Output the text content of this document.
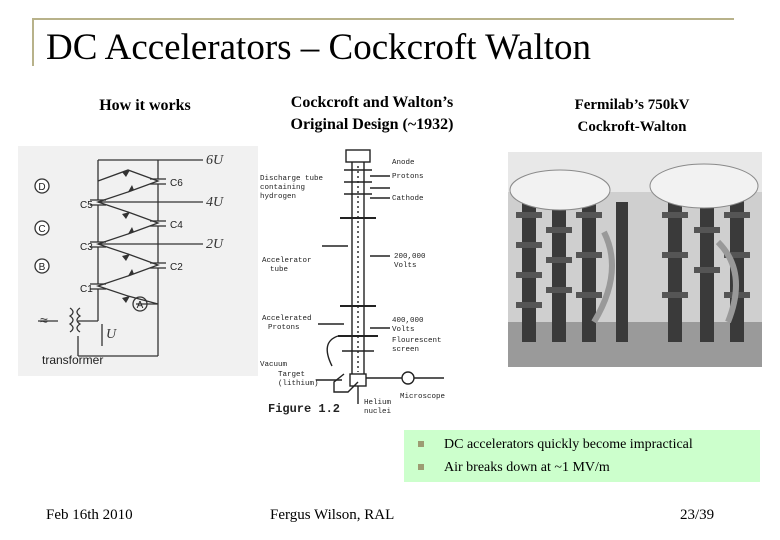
DC Accelerators – Cockcroft Walton
How it works	Cockcroft and Walton’s
Original Design (~1932)
Fermilab’s 750kV
Cockroft-Walton
D
C
B
A
6U
4U
2U
U
C6
C4
C2
C5
C3
C1
transformer
≈
Anode
Protons
Cathode
Discharge tube
containing
hydrogen
Accelerator
tube
200,000
Volts
Accelerated
Protons
400,000
Volts
Flourescent
screen
Vacuum
Target
(lithium)
Microscope
Helium
nuclei
Figure 1.2
DC accelerators quickly become impractical
Air breaks down at ~1 MV/m
Feb 16th 2010	Fergus Wilson, RAL	23/39
